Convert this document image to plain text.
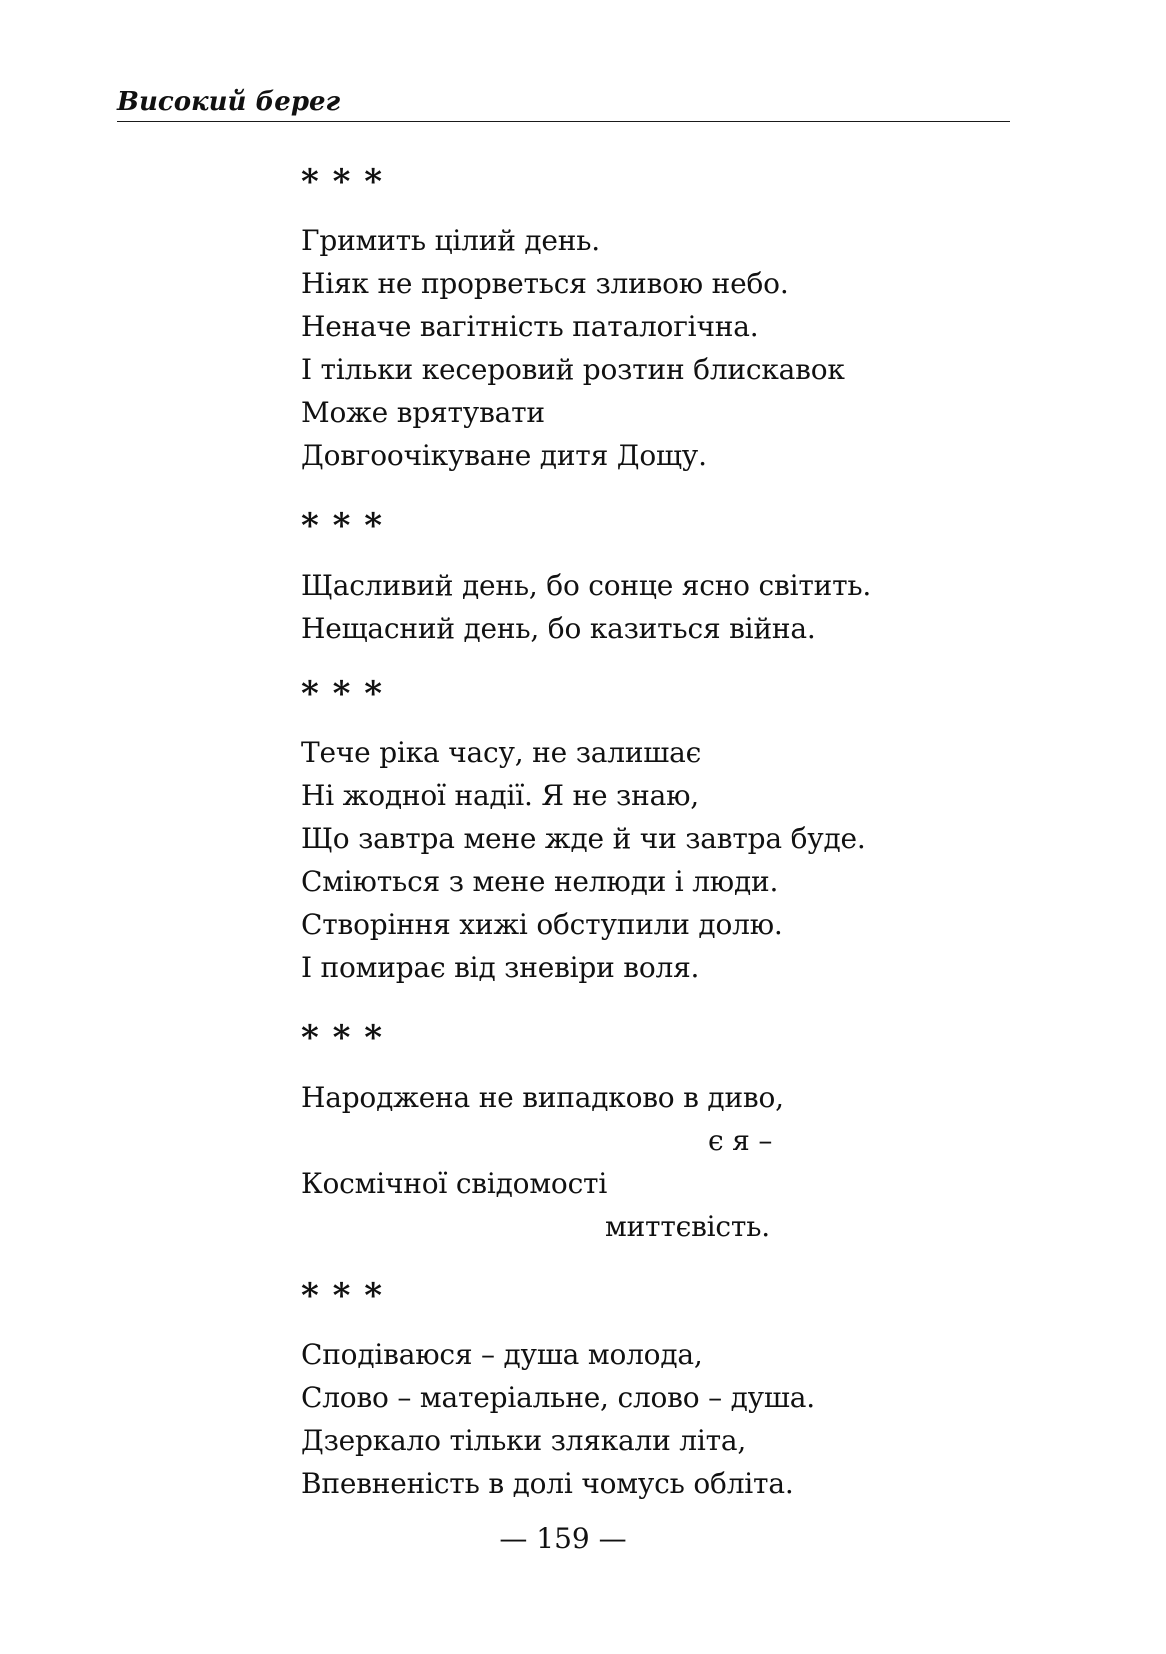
Високий берег
* * *
Гримить цілий день.
Ніяк не прорветься зливою небо.
Неначе вагітність паталогічна.
І тільки кесеровий розтин блискавок
Може врятувати
Довгоочікуване дитя Дощу.
* * *
Щасливий день, бо сонце ясно світить.
Нещасний день, бо казиться війна.
* * *
Тече ріка часу, не залишає
Ні жодної надії. Я не знаю,
Що завтра мене жде й чи завтра буде.
Сміються з мене нелюди і люди.
Створіння хижі обступили долю.
І помирає від зневіри воля.
* * *
Народжена не випадково в диво,
є я –
Космічної свідомості
миттєвість.
* * *
Сподіваюся – душа молода,
Слово – матеріальне, слово – душа.
Дзеркало тільки злякали літа,
Впевненість в долі чомусь обліта.
— 159 —
